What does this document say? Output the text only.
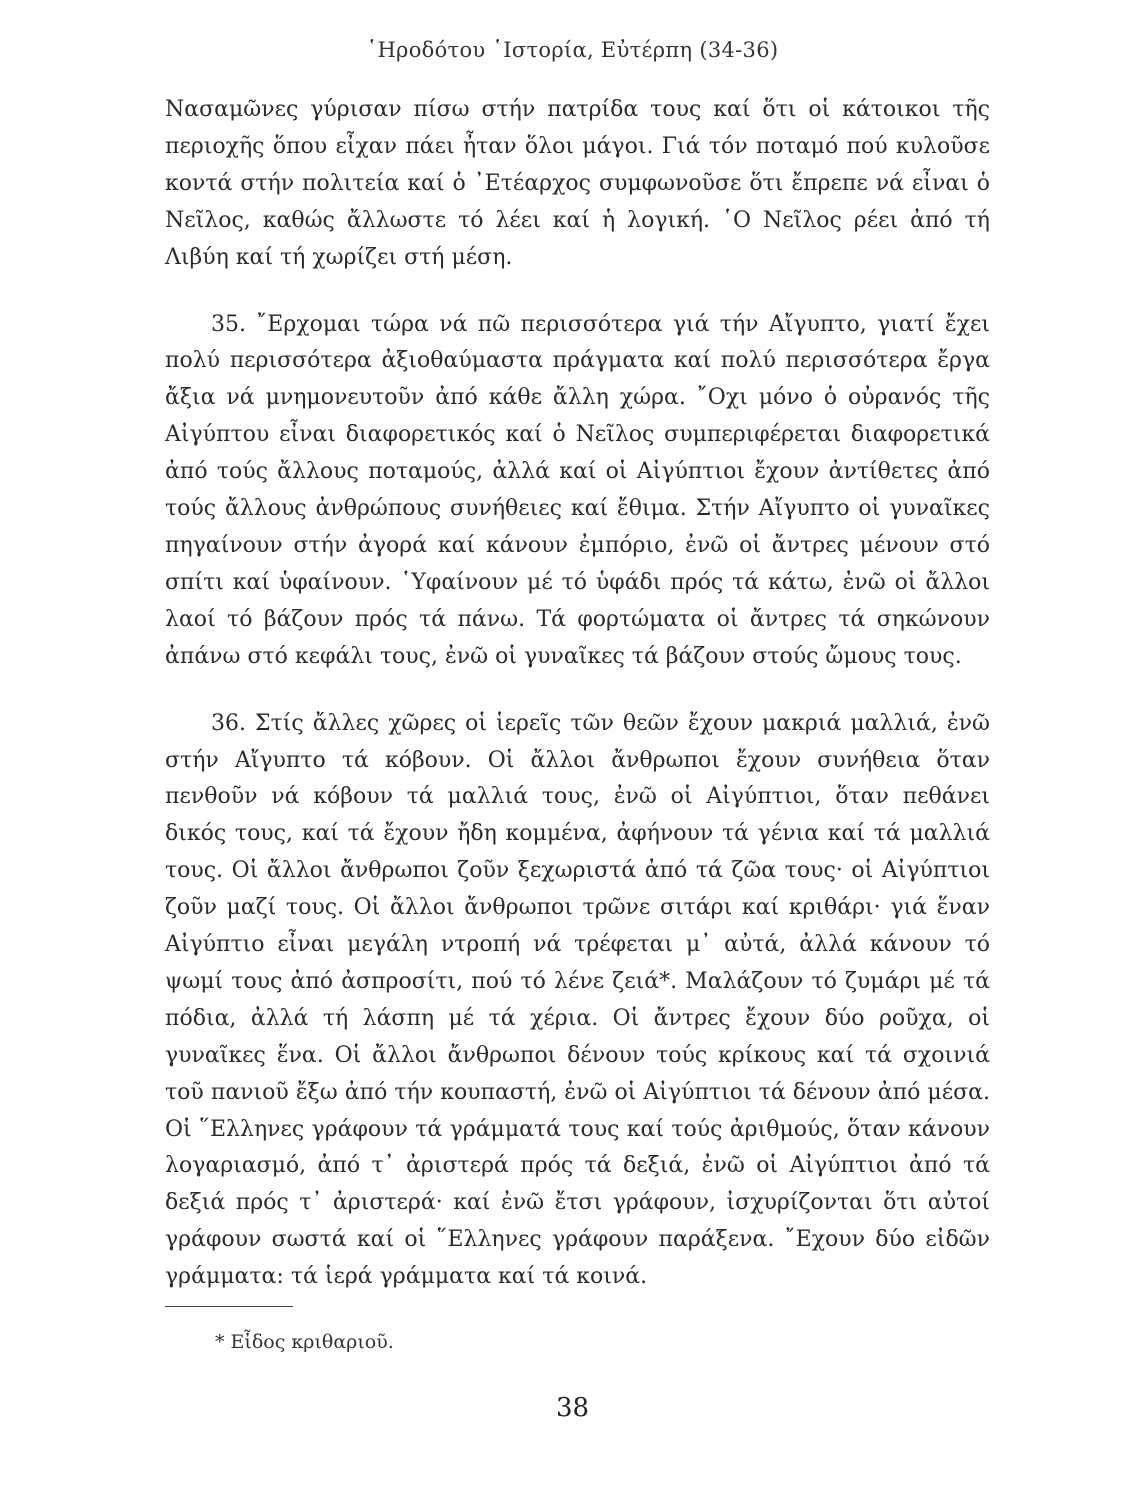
῾Ηροδότου ῾Ιστορία, Εὐτέρπη (34-36)

Νασαμῶνες γύρισαν πίσω στήν πατρίδα τους καί ὅτι οἱ κάτοικοι τῆς περιοχῆς ὅπου εἶχαν πάει ἦταν ὅλοι μάγοι. Γιά τόν ποταμό πού κυλοῦσε κοντά στήν πολιτεία καί ὁ ᾿Ετέαρχος συμφωνοῦσε ὅτι ἔπρεπε νά εἶναι ὁ Νεῖλος, καθώς ἄλλωστε τό λέει καί ἡ λογική. ῾Ο Νεῖλος ρέει ἀπό τή Λιβύη καί τή χωρίζει στή μέση.

35. ῎Ερχομαι τώρα νά πῶ περισσότερα γιά τήν Αἴγυπτο, γιατί ἔχει πολύ περισσότερα ἀξιοθαύμαστα πράγματα καί πολύ περισσότερα ἔργα ἄξια νά μνημονευτοῦν ἀπό κάθε ἄλλη χώρα. ῎Οχι μόνο ὁ οὐρανός τῆς Αἰγύπτου εἶναι διαφορετικός καί ὁ Νεῖλος συμπεριφέρεται διαφορετικά ἀπό τούς ἄλλους ποταμούς, ἀλλά καί οἱ Αἰγύπτιοι ἔχουν ἀντίθετες ἀπό τούς ἄλλους ἀνθρώπους συνήθειες καί ἔθιμα. Στήν Αἴγυπτο οἱ γυναῖκες πηγαίνουν στήν ἀγορά καί κάνουν ἐμπόριο, ἐνῶ οἱ ἄντρες μένουν στό σπίτι καί ὑφαίνουν. ῾Υφαίνουν μέ τό ὑφάδι πρός τά κάτω, ἐνῶ οἱ ἄλλοι λαοί τό βάζουν πρός τά πάνω. Τά φορτώματα οἱ ἄντρες τά σηκώνουν ἀπάνω στό κεφάλι τους, ἐνῶ οἱ γυναῖκες τά βάζουν στούς ὤμους τους.

36. Στίς ἄλλες χῶρες οἱ ἱερεῖς τῶν θεῶν ἔχουν μακριά μαλλιά, ἐνῶ στήν Αἴγυπτο τά κόβουν. Οἱ ἄλλοι ἄνθρωποι ἔχουν συνήθεια ὅταν πενθοῦν νά κόβουν τά μαλλιά τους, ἐνῶ οἱ Αἰγύπτιοι, ὅταν πεθάνει δικός τους, καί τά ἔχουν ἤδη κομμένα, ἀφήνουν τά γένια καί τά μαλλιά τους. Οἱ ἄλλοι ἄνθρωποι ζοῦν ξεχωριστά ἀπό τά ζῶα τους· οἱ Αἰγύπτιοι ζοῦν μαζί τους. Οἱ ἄλλοι ἄνθρωποι τρῶνε σιτάρι καί κριθάρι· γιά ἕναν Αἰγύπτιο εἶναι μεγάλη ντροπή νά τρέφεται μ᾿ αὐτά, ἀλλά κάνουν τό ψωμί τους ἀπό ἀσπροσίτι, πού τό λένε ζειά*. Μαλάζουν τό ζυμάρι μέ τά πόδια, ἀλλά τή λάσπη μέ τά χέρια. Οἱ ἄντρες ἔχουν δύο ροῦχα, οἱ γυναῖκες ἕνα. Οἱ ἄλλοι ἄνθρωποι δένουν τούς κρίκους καί τά σχοινιά τοῦ πανιοῦ ἔξω ἀπό τήν κουπαστή, ἐνῶ οἱ Αἰγύπτιοι τά δένουν ἀπό μέσα. Οἱ ῞Ελληνες γράφουν τά γράμματά τους καί τούς ἀριθμούς, ὅταν κάνουν λογαριασμό, ἀπό τ᾿ ἀριστερά πρός τά δεξιά, ἐνῶ οἱ Αἰγύπτιοι ἀπό τά δεξιά πρός τ᾿ ἀριστερά· καί ἐνῶ ἔτσι γράφουν, ἰσχυρίζονται ὅτι αὐτοί γράφουν σωστά καί οἱ ῞Ελληνες γράφουν παράξενα. ῎Εχουν δύο εἰδῶν γράμματα: τά ἱερά γράμματα καί τά κοινά.

* Εἶδος κριθαριοῦ.
38
